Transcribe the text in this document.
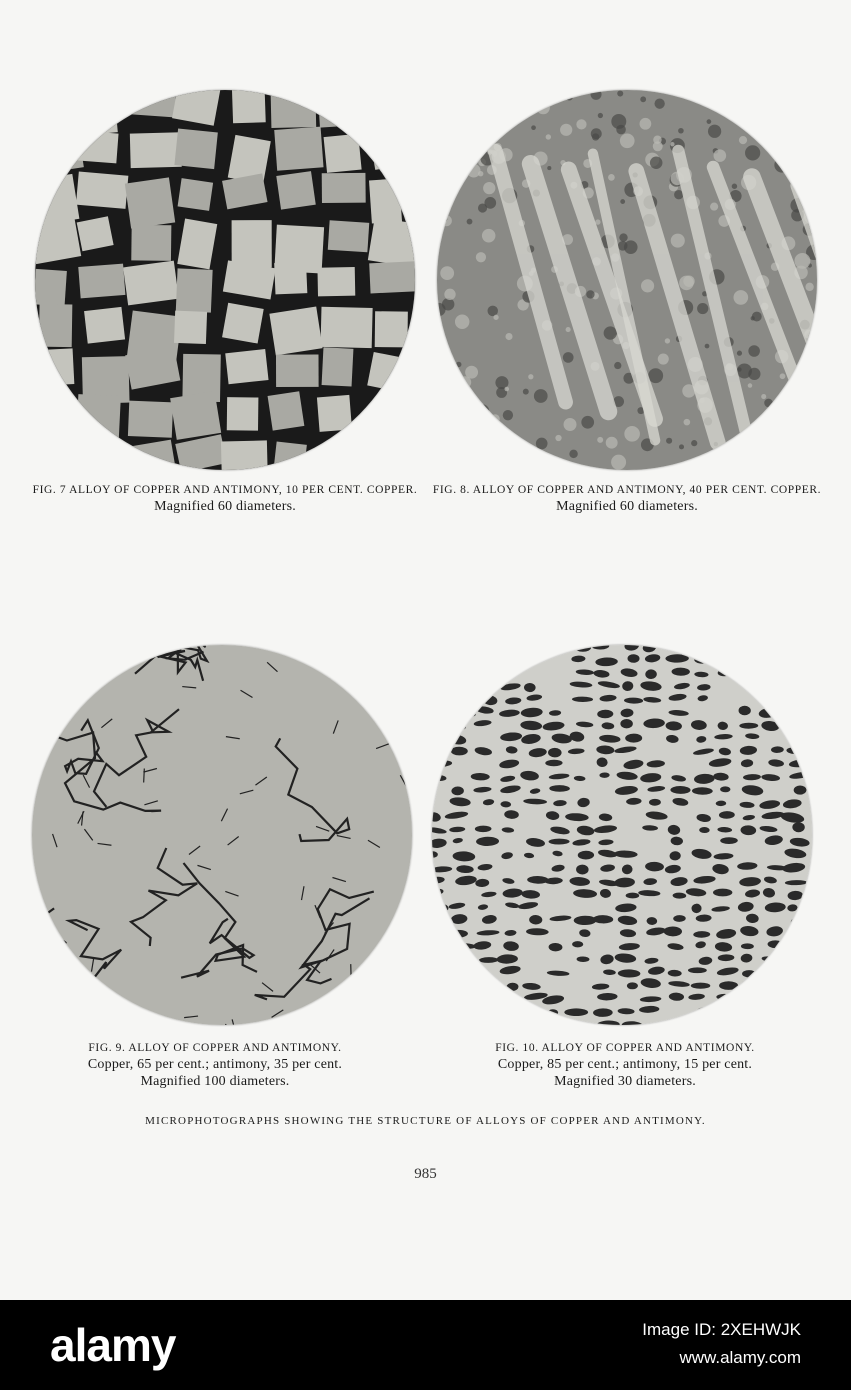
FIG. 7 ALLOY OF COPPER AND ANTIMONY, 10 PER CENT. COPPER.
Magnified 60 diameters.
FIG. 8. ALLOY OF COPPER AND ANTIMONY, 40 PER CENT. COPPER.
Magnified 60 diameters.
FIG. 9. ALLOY OF COPPER AND ANTIMONY.
Copper, 65 per cent.; antimony, 35 per cent.
Magnified 100 diameters.
FIG. 10. ALLOY OF COPPER AND ANTIMONY.
Copper, 85 per cent.; antimony, 15 per cent.
Magnified 30 diameters.
MICROPHOTOGRAPHS SHOWING THE STRUCTURE OF ALLOYS OF COPPER AND ANTIMONY.
985
alamy	Image ID: 2XEHWJK
www.alamy.com
